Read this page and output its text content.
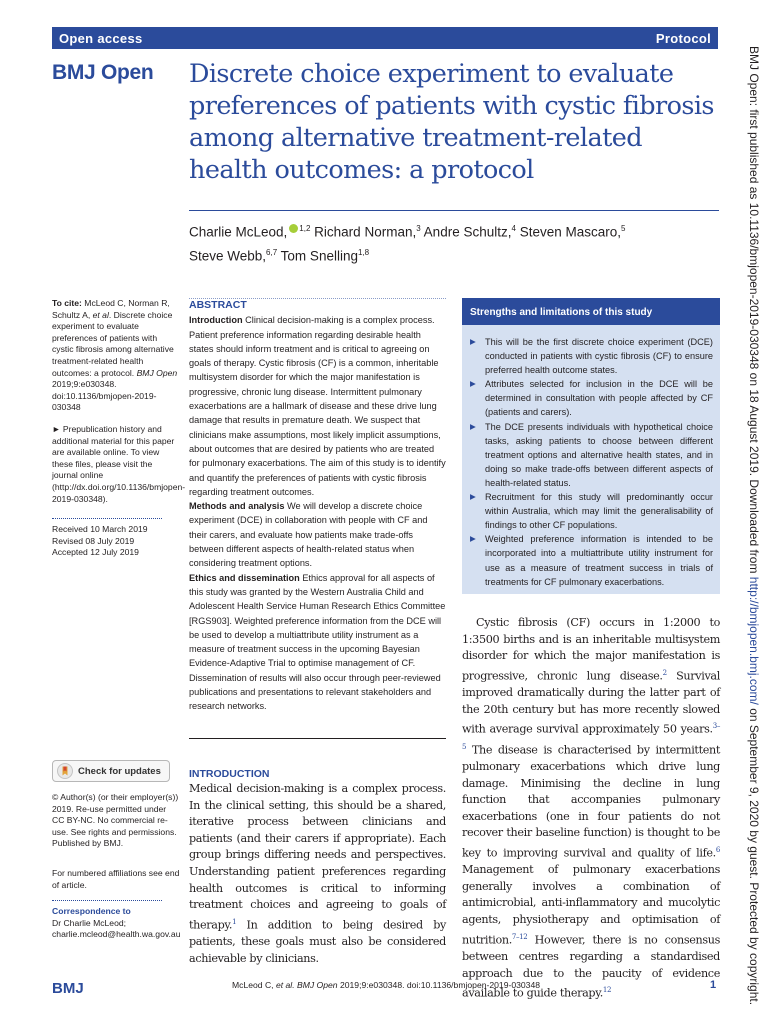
Open access	Protocol
BMJ Open Discrete choice experiment to evaluate preferences of patients with cystic fibrosis among alternative treatment-related health outcomes: a protocol
Charlie McLeod, $^{1,2}$ Richard Norman,$^3$ Andre Schultz,$^4$ Steven Mascaro,$^5$
Steve Webb,$^{6,7}$ Tom Snelling$^{1,8}$
To cite: McLeod C, Norman R, Schultz A, et al. Discrete choice experiment to evaluate preferences of patients with cystic fibrosis among alternative treatment-related health outcomes: a protocol. BMJ Open 2019;9:e030348. doi:10.1136/bmjopen-2019-030348
► Prepublication history and additional material for this paper are available online. To view these files, please visit the journal online (http://dx.doi.org/10.1136/bmjopen-2019-030348).
Received 10 March 2019
Revised 08 July 2019
Accepted 12 July 2019
Check for updates
© Author(s) (or their employer(s)) 2019. Re-use permitted under CC BY-NC. No commercial re-use. See rights and permissions. Published by BMJ.
For numbered affiliations see end of article.
Correspondence to
Dr Charlie McLeod;
charlie.mcleod@health.wa.gov.au
ABSTRACT
Introduction Clinical decision-making is a complex process. Patient preference information regarding desirable health states should inform treatment and is critical to agreeing on goals of therapy. Cystic fibrosis (CF) is a common, inheritable multisystem disorder for which the major manifestation is progressive, chronic lung disease. Intermittent pulmonary exacerbations are a hallmark of disease and these drive lung damage that results in premature death. We suspect that clinicians make assumptions, most likely implicit assumptions, about outcomes that are desired by patients who are treated for pulmonary exacerbations. The aim of this study is to identify and quantify the preferences of patients with cystic fibrosis regarding treatment outcomes.
Methods and analysis We will develop a discrete choice experiment (DCE) in collaboration with people with CF and their carers, and evaluate how patients make trade-offs between different aspects of health-related status when considering treatment options.
Ethics and dissemination Ethics approval for all aspects of this study was granted by the Western Australia Child and Adolescent Health Service Human Research Ethics Committee [RGS903]. Weighted preference information from the DCE will be used to develop a multiattribute utility instrument as a measure of treatment success in the upcoming Bayesian Evidence-Adaptive Trial to optimise management of CF. Dissemination of results will also occur through peer-reviewed publications and presentations to relevant stakeholders and research networks.
Strengths and limitations of this study
▶ This will be the first discrete choice experiment (DCE) conducted in patients with cystic fibrosis (CF) to ensure preferred health outcome states.
▶ Attributes selected for inclusion in the DCE will be determined in consultation with people affected by CF (patients and carers).
▶ The DCE presents individuals with hypothetical choice tasks, asking patients to choose between different treatment options and alternative health states, and in doing so make trade-offs between different aspects of health-related status.
▶ Recruitment for this study will predominantly occur within Australia, which may limit the generalisability of findings to other CF populations.
▶ Weighted preference information is intended to be incorporated into a multiattribute utility instrument for use as a measure of treatment success in trials of treatments for CF pulmonary exacerbations.
INTRODUCTION
Medical decision-making is a complex process. In the clinical setting, this should be a shared, iterative process between clinicians and patients (and their carers if appropriate). Each group brings differing needs and perspectives. Understanding patient preferences regarding health outcomes is critical to informing treatment choices and agreeing to goals of therapy.$^1$ In addition to being desired by patients, these goals must also be considered achievable by clinicians.
Cystic fibrosis (CF) occurs in 1:2000 to 1:3500 births and is an inheritable multisystem disorder for which the major manifestation is progressive, chronic lung disease.$^2$ Survival improved dramatically during the latter part of the 20th century but has more recently slowed with average survival approximately 50 years.$^{3-5}$ The disease is characterised by intermittent pulmonary exacerbations which drive lung damage. Minimising the decline in lung function that accompanies pulmonary exacerbations (one in four patients do not recover their baseline function) is thought to be key to improving survival and quality of life.$^6$ Management of pulmonary exacerbations generally involves a combination of antimicrobial, anti-inflammatory and mucolytic agents, physiotherapy and optimisation of nutrition.$^{7-12}$ However, there is no consensus between centres regarding a standardised approach due to the paucity of evidence available to guide therapy.$^{12}$
BMJ	McLeod C, et al. BMJ Open 2019;9:e030348. doi:10.1136/bmjopen-2019-030348	1
BMJ Open: first published as 10.1136/bmjopen-2019-030348 on 18 August 2019. Downloaded from http://bmjopen.bmj.com/ on September 9, 2020 by guest. Protected by copyright.
